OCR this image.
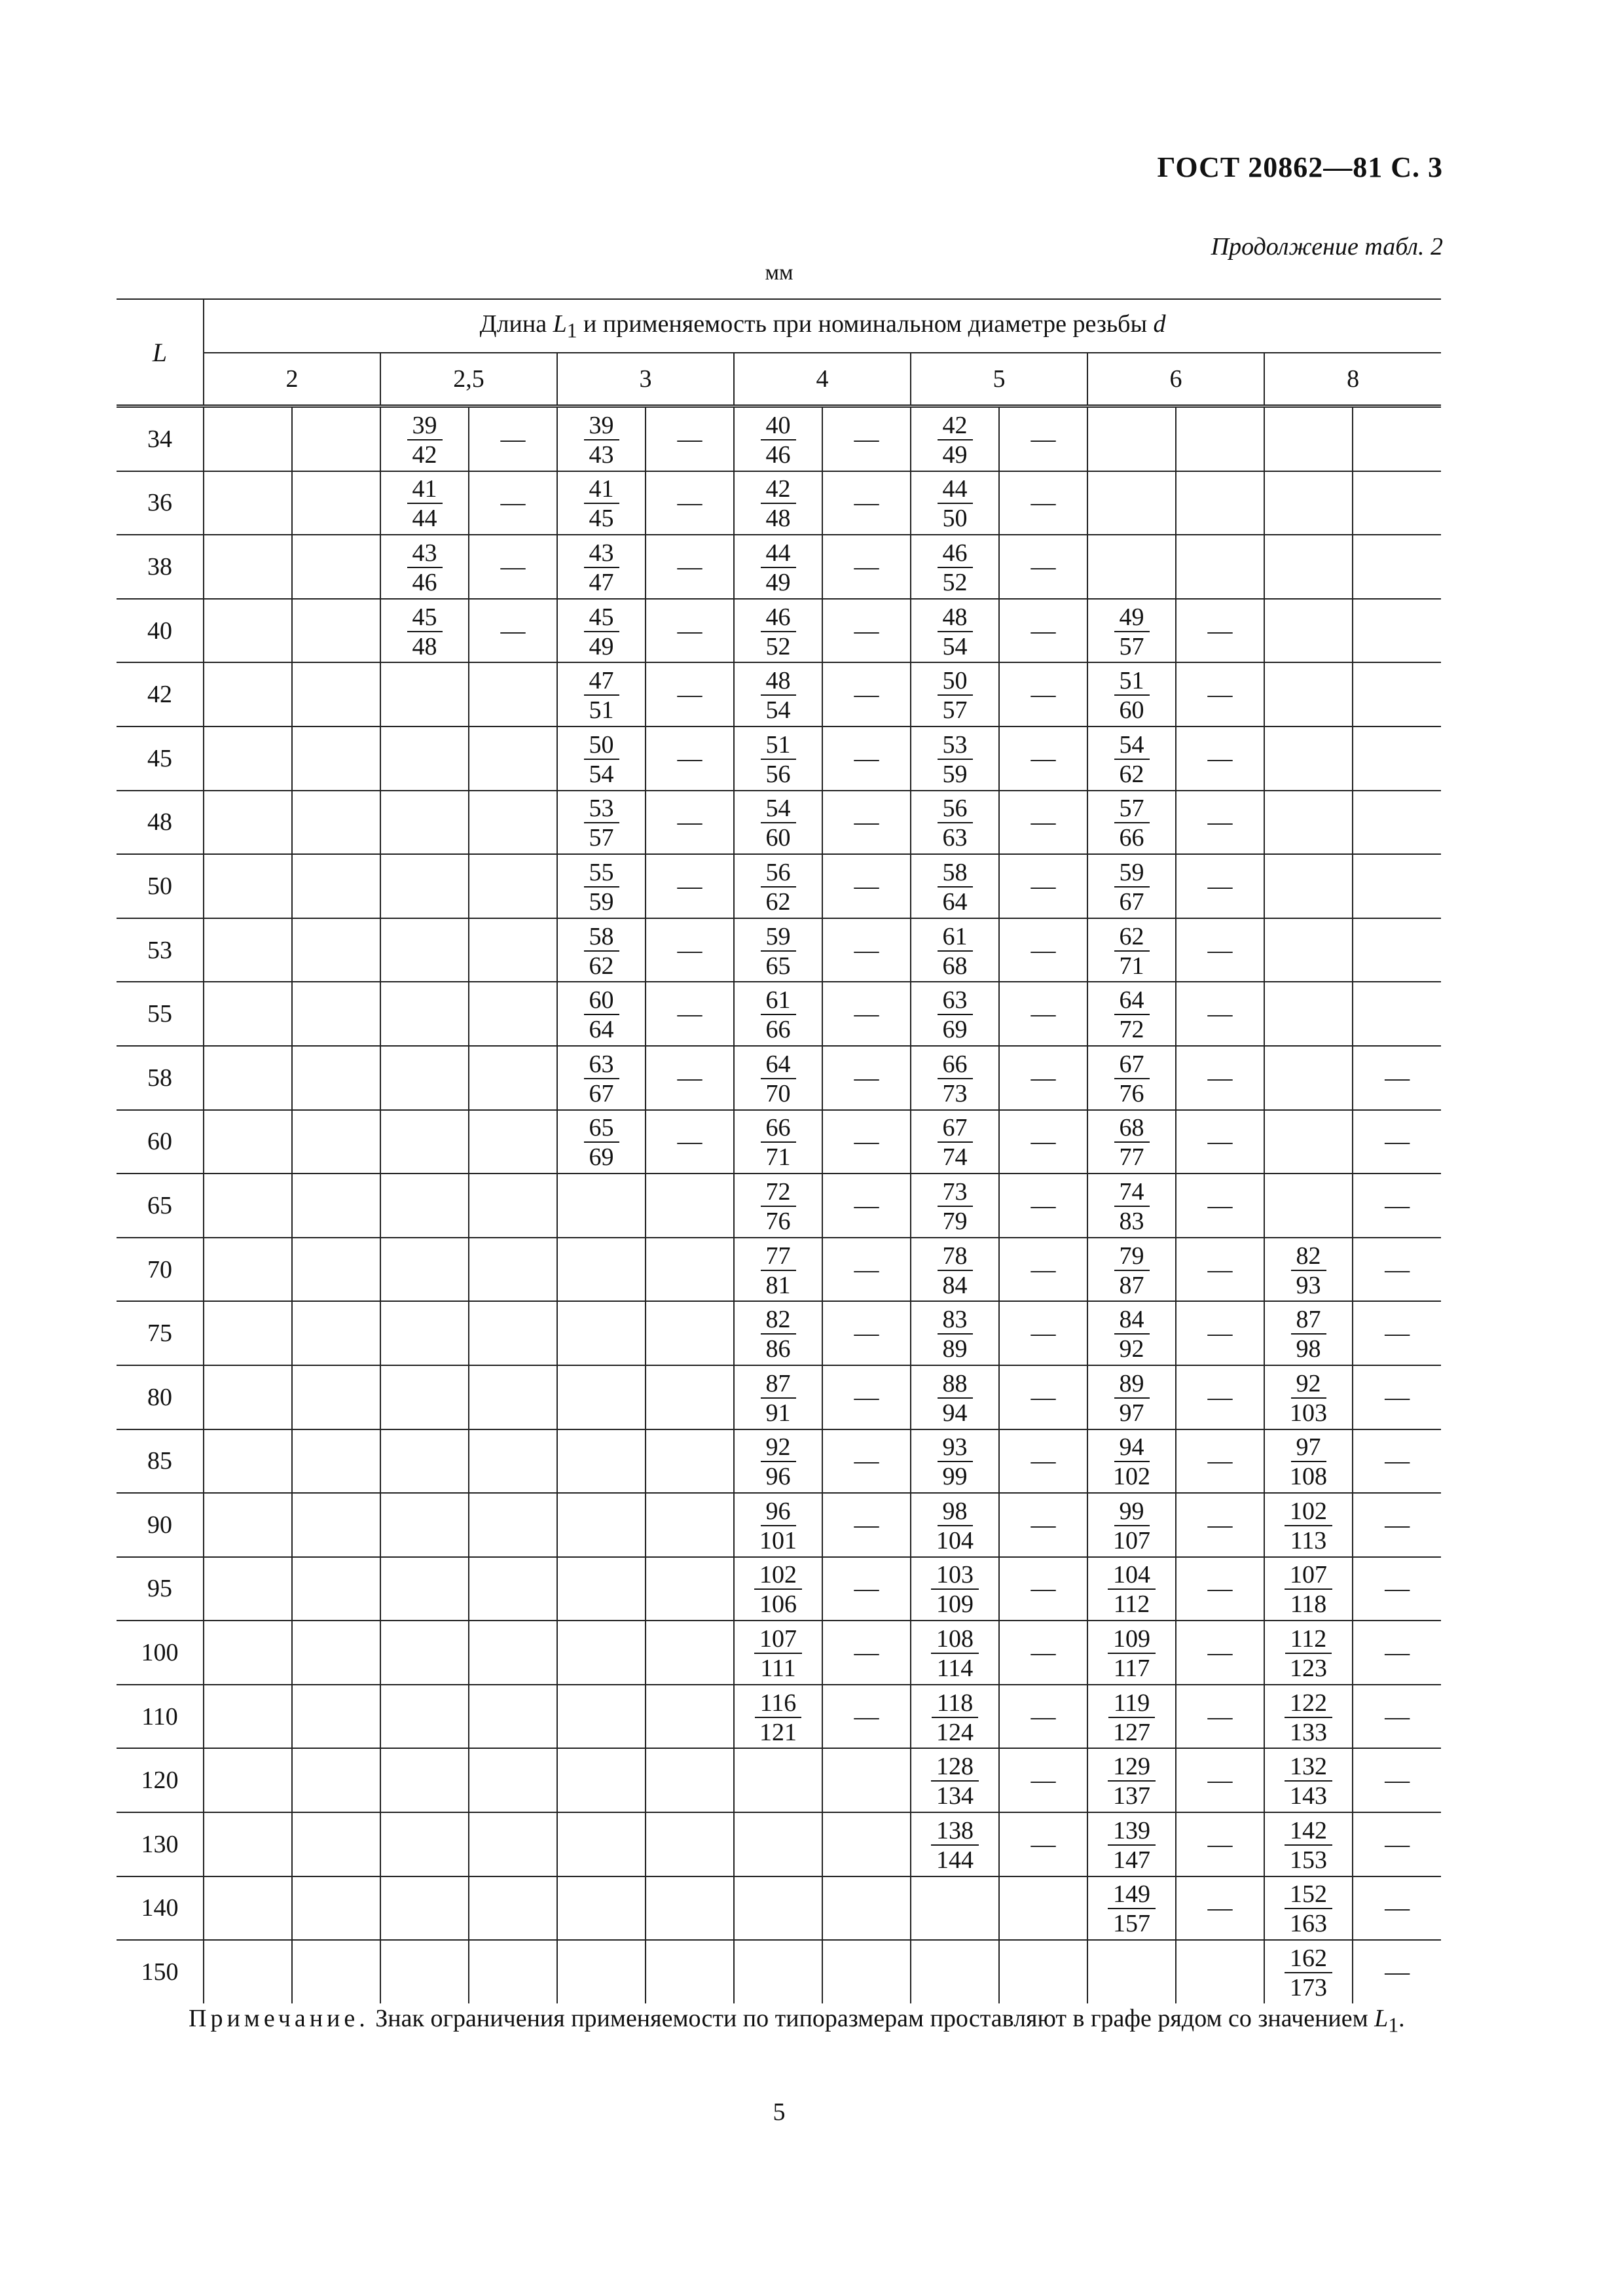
ГОСТ 20862—81 С. 3
Продолжение табл. 2
мм
L	Длина $L_1$ и применяемость при номинальном диаметре резьбы d													
	2		2,5		3		4		5		6		8	
34			$\frac{39}{42}$	—	$\frac{39}{43}$	—	$\frac{40}{46}$	—	$\frac{42}{49}$	—				
36			$\frac{41}{44}$	—	$\frac{41}{45}$	—	$\frac{42}{48}$	—	$\frac{44}{50}$	—				
38			$\frac{43}{46}$	—	$\frac{43}{47}$	—	$\frac{44}{49}$	—	$\frac{46}{52}$	—				
40			$\frac{45}{48}$	—	$\frac{45}{49}$	—	$\frac{46}{52}$	—	$\frac{48}{54}$	—	$\frac{49}{57}$	—		
42					$\frac{47}{51}$	—	$\frac{48}{54}$	—	$\frac{50}{57}$	—	$\frac{51}{60}$	—		
45					$\frac{50}{54}$	—	$\frac{51}{56}$	—	$\frac{53}{59}$	—	$\frac{54}{62}$	—		
48					$\frac{53}{57}$	—	$\frac{54}{60}$	—	$\frac{56}{63}$	—	$\frac{57}{66}$	—		
50					$\frac{55}{59}$	—	$\frac{56}{62}$	—	$\frac{58}{64}$	—	$\frac{59}{67}$	—		
53					$\frac{58}{62}$	—	$\frac{59}{65}$	—	$\frac{61}{68}$	—	$\frac{62}{71}$	—		
55					$\frac{60}{64}$	—	$\frac{61}{66}$	—	$\frac{63}{69}$	—	$\frac{64}{72}$	—		
58					$\frac{63}{67}$	—	$\frac{64}{70}$	—	$\frac{66}{73}$	—	$\frac{67}{76}$	—		—
60					$\frac{65}{69}$	—	$\frac{66}{71}$	—	$\frac{67}{74}$	—	$\frac{68}{77}$	—		—
65							$\frac{72}{76}$	—	$\frac{73}{79}$	—	$\frac{74}{83}$	—		—
70							$\frac{77}{81}$	—	$\frac{78}{84}$	—	$\frac{79}{87}$	—	$\frac{82}{93}$	—
75							$\frac{82}{86}$	—	$\frac{83}{89}$	—	$\frac{84}{92}$	—	$\frac{87}{98}$	—
80							$\frac{87}{91}$	—	$\frac{88}{94}$	—	$\frac{89}{97}$	—	$\frac{92}{103}$	—
85							$\frac{92}{96}$	—	$\frac{93}{99}$	—	$\frac{94}{102}$	—	$\frac{97}{108}$	—
90							$\frac{96}{101}$	—	$\frac{98}{104}$	—	$\frac{99}{107}$	—	$\frac{102}{113}$	—
95							$\frac{102}{106}$	—	$\frac{103}{109}$	—	$\frac{104}{112}$	—	$\frac{107}{118}$	—
100							$\frac{107}{111}$	—	$\frac{108}{114}$	—	$\frac{109}{117}$	—	$\frac{112}{123}$	—
110							$\frac{116}{121}$	—	$\frac{118}{124}$	—	$\frac{119}{127}$	—	$\frac{122}{133}$	—
120									$\frac{128}{134}$	—	$\frac{129}{137}$	—	$\frac{132}{143}$	—
130									$\frac{138}{144}$	—	$\frac{139}{147}$	—	$\frac{142}{153}$	—
140											$\frac{149}{157}$	—	$\frac{152}{163}$	—
150													$\frac{162}{173}$	—
Примечание. Знак ограничения применяемости по типоразмерам проставляют в графе рядом со значением $L_1$.
5
